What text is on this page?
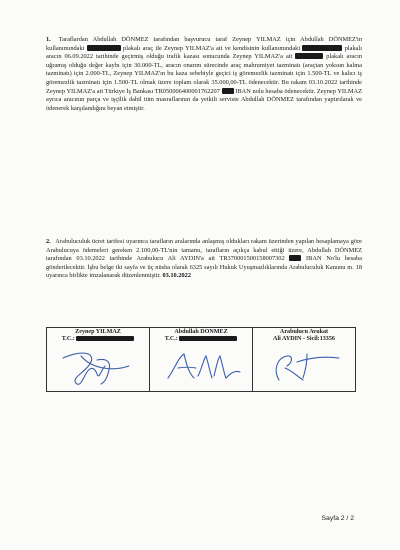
1. Taraflardan Abdullah DÖNMEZ tarafından başvurucu taraf Zeynep YILMAZ için Abdullah DÖNMEZ'in kullanımındaki	plakalı araç ile Zeynep YILMAZ'a ait ve kendisinin kullanımındaki	plakalı aracın 06.09.2022 tarihinde geçirmiş olduğu trafik kazası sonucunda Zeynep YILMAZ'a ait	plakalı aracın uğramış olduğu değer kaybı için 30.000-TL, aracın onarım sürecinde araç mahrumiyet tazminatı (araçtan yoksun kalma tazminatı) için 2.000-TL, Zeynep YILMAZ'ın bu kaza sebebiyle geçici iş göremezlik tazminatı için 1.500-TL ve kalıcı iş göremezlik tazminatı için 1.500-TL olmak üzere toplam olarak 35.000,00-TL ödenecektir. Bu rakam 03.10.2022 tarihinde Zeynep YILMAZ'a ait Türkiye İş Bankası TR050006400001762207 IBAN nolu hesaba ödenecektir. Zeynep YILMAZ ayrıca aracının parça ve işçilik dahil tüm masraflarının da yetkili serviste Abdullah DÖNMEZ tarafından yaptırılarak ve ödenerek karşılandığını beyan etmiştir.
2. Arabuluculuk ücret tarifesi uyarınca tarafların aralarında anlaşmış oldukları rakam üzerinden yapılan hesaplamaya göre Arabulucuya ödemeleri gereken 2.100,00-TL'nin tamamı, tarafların açıkça kabul ettiği üzere, Abdullah DÖNMEZ tarafından 03.10.2022 tarihinde Arabulucu Ali AYDIN'a ait TR370001500158007302	IBAN No'lu hesaba gönderilecektir. İşbu belge iki sayfa ve üç nüsha olarak 6325 sayılı Hukuk Uyuşmazlıklarında Arabuluculuk Kanunu m. 18 uyarınca birlikte imzalanarak düzenlenmiştir. 03.10.2022
Zeynep YILMAZ
T.C.:

Abdullah DÖNMEZ
T.C.:

Arabulucu Avukat
Ali AYDIN - Sicil:13356
Sayfa 2 / 2
